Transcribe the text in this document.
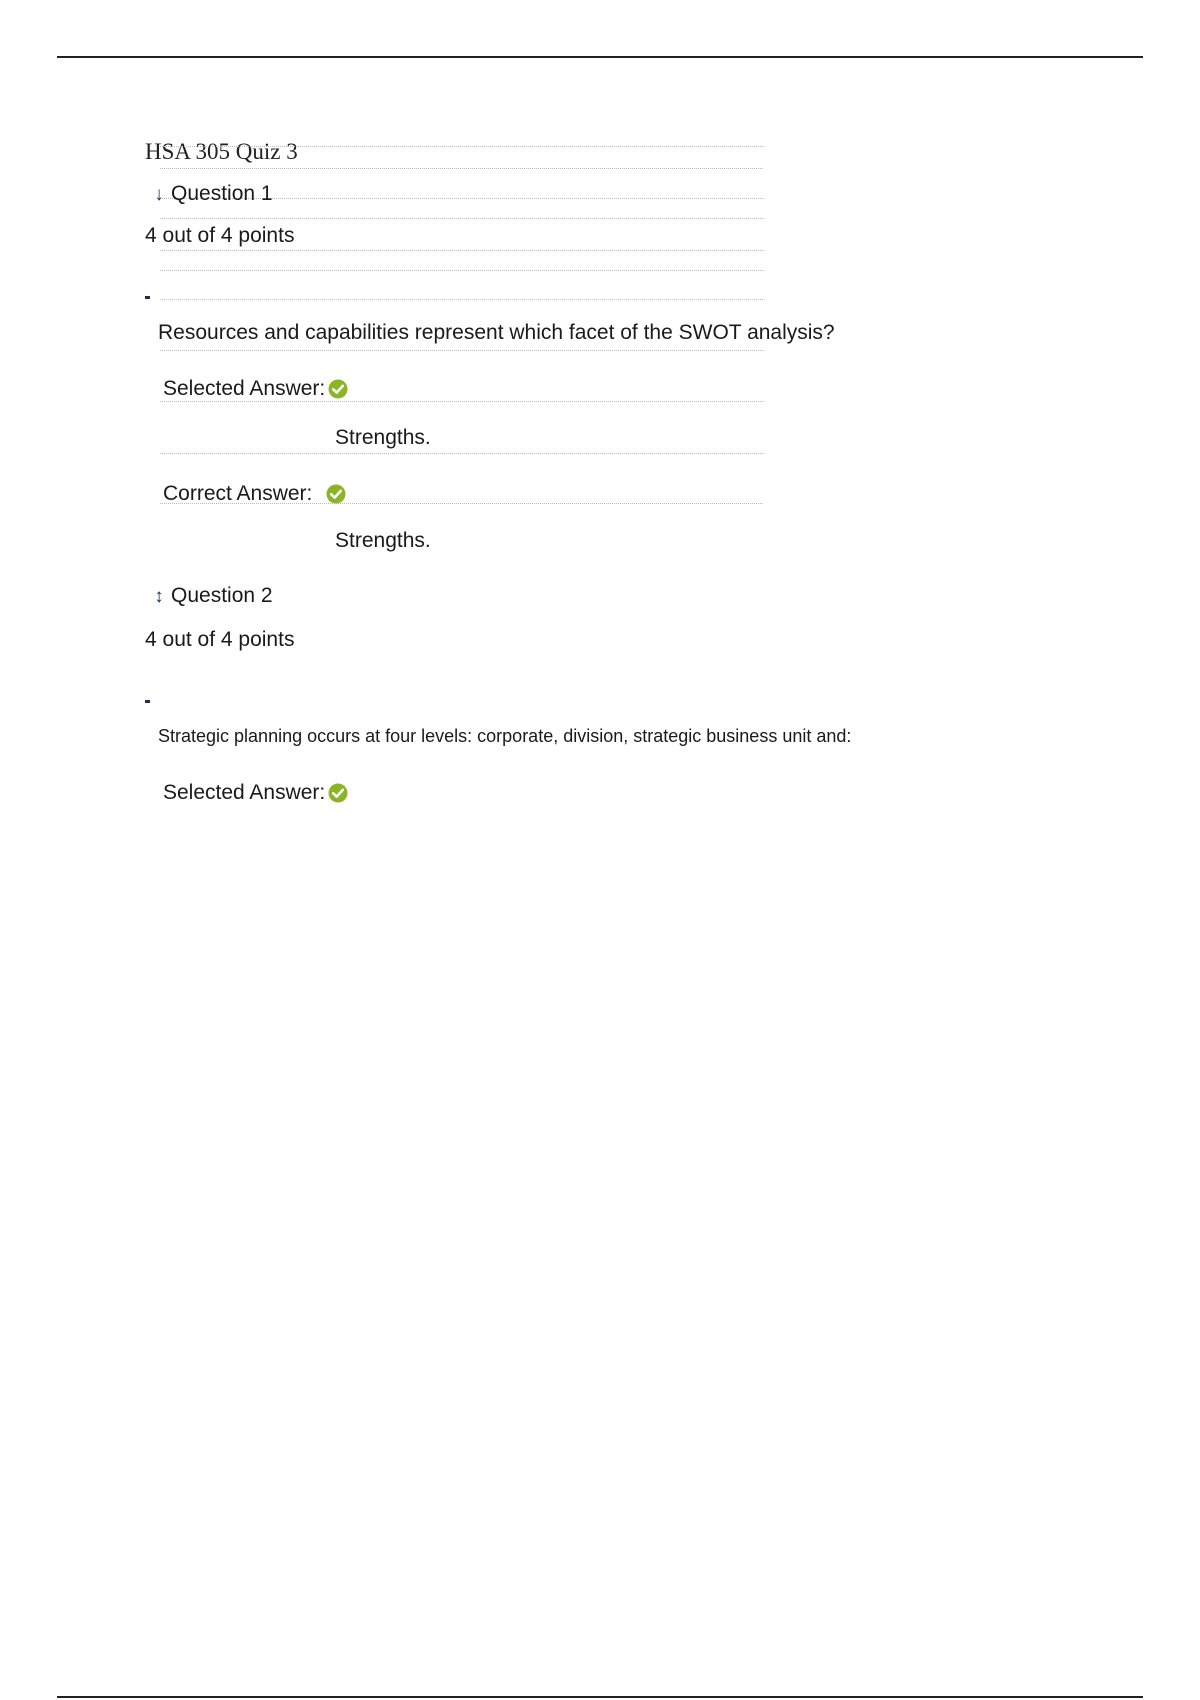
HSA 305 Quiz 3
↓ Question 1
4 out of 4 points
Resources and capabilities represent which facet of the SWOT analysis?
Selected Answer:
Strengths.
Correct Answer:
Strengths.
↕ Question 2
4 out of 4 points
Strategic planning occurs at four levels: corporate, division, strategic business unit and:
Selected Answer:
